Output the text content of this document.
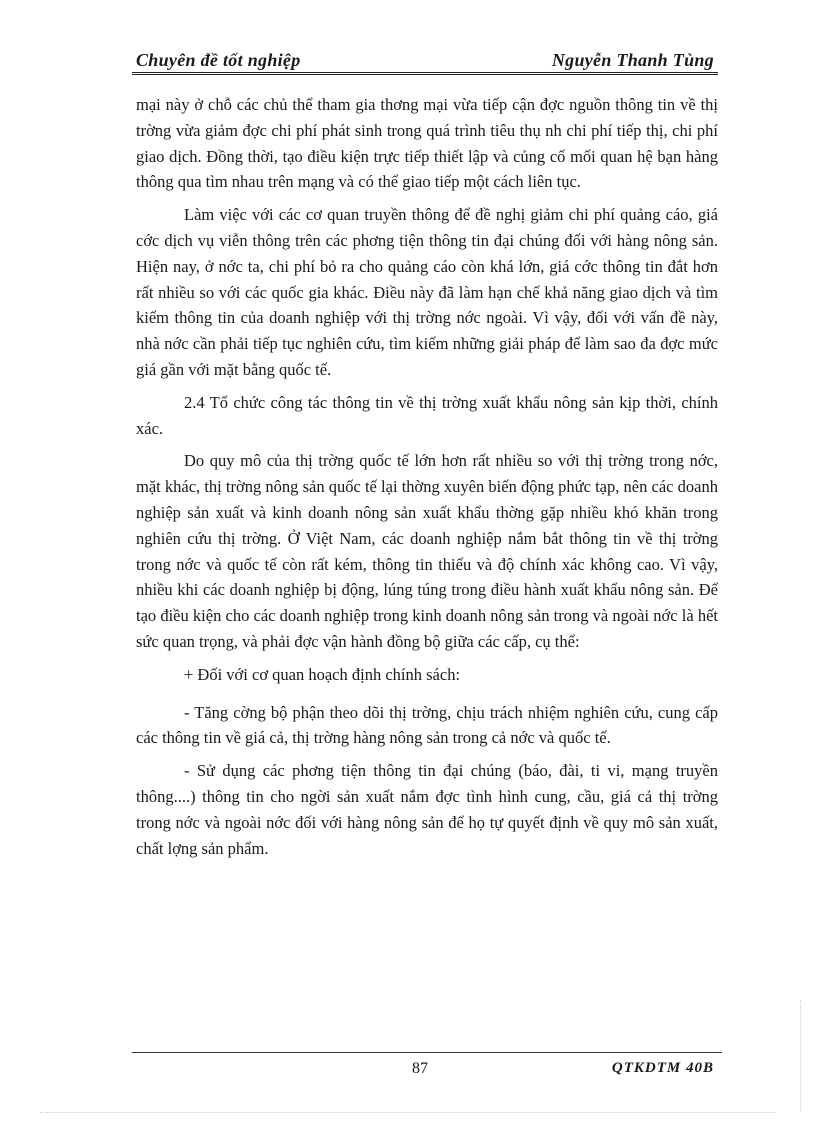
Chuyên đề tốt nghiệp	Nguyễn Thanh Tùng

mại này ở chỗ các chủ thể tham gia thơng mại vừa tiếp cận đợc nguồn thông tin về thị trờng vừa giảm đợc chi phí phát sinh trong quá trình tiêu thụ nh chi phí tiếp thị, chi phí giao dịch. Đồng thời, tạo điều kiện trực tiếp thiết lập và củng cố mối quan hệ bạn hàng thông qua tìm nhau trên mạng và có thể giao tiếp một cách liên tục.

Làm việc với các cơ quan truyền thông để đề nghị giảm chi phí quảng cáo, giá cớc dịch vụ viễn thông trên các phơng tiện thông tin đại chúng đối với hàng nông sản. Hiện nay, ở nớc ta, chi phí bỏ ra cho quảng cáo còn khá lớn, giá cớc thông tin đắt hơn rất nhiều so với các quốc gia khác. Điều này đã làm hạn chế khả năng giao dịch và tìm kiếm thông tin của doanh nghiệp với thị trờng nớc ngoài. Vì vậy, đối với vấn đề này, nhà nớc cần phải tiếp tục nghiên cứu, tìm kiếm những giải pháp để làm sao đa đợc mức giá gần với mặt bằng quốc tế.

2.4 Tổ chức công tác thông tin về thị trờng xuất khẩu nông sản kịp thời, chính xác.

Do quy mô của thị trờng quốc tế lớn hơn rất nhiều so với thị trờng trong nớc, mặt khác, thị trờng nông sản quốc tế lại thờng xuyên biến động phức tạp, nên các doanh nghiệp sản xuất và kinh doanh nông sản xuất khẩu thờng gặp nhiều khó khăn trong nghiên cứu thị trờng. Ở Việt Nam, các doanh nghiệp nắm bắt thông tin về thị trờng trong nớc và quốc tế còn rất kém, thông tin thiếu và độ chính xác không cao. Vì vậy, nhiều khi các doanh nghiệp bị động, lúng túng trong điều hành xuất khẩu nông sản. Để tạo điều kiện cho các doanh nghiệp trong kinh doanh nông sản trong và ngoài nớc là hết sức quan trọng, và phải đợc vận hành đồng bộ giữa các cấp, cụ thể:

+ Đối với cơ quan hoạch định chính sách:

- Tăng cờng bộ phận theo dõi thị trờng, chịu trách nhiệm nghiên cứu, cung cấp các thông tin về giá cả, thị trờng hàng nông sản trong cả nớc và quốc tế.

- Sử dụng các phơng tiện thông tin đại chúng (báo, đài, ti vi, mạng truyền thông....) thông tin cho ngời sản xuất nắm đợc tình hình cung, cầu, giá cả thị trờng trong nớc và ngoài nớc đối với hàng nông sản để họ tự quyết định về quy mô sản xuất, chất lợng sản phẩm.

87	QTKDTM 40B
